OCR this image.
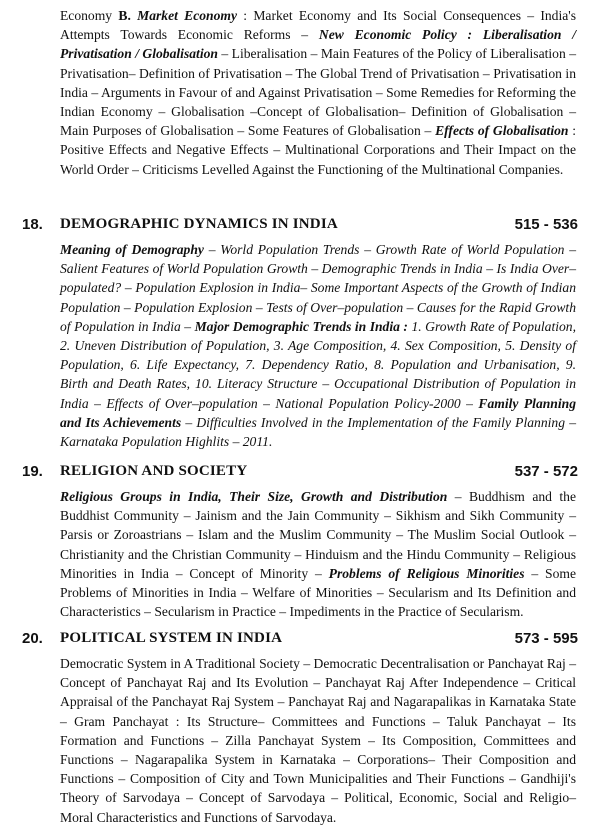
Economy B. Market Economy : Market Economy and Its Social Consequences – India's Attempts Towards Economic Reforms – New Economic Policy : Liberalisation / Privatisation / Globalisation – Liberalisation – Main Features of the Policy of Liberalisation – Privatisation– Definition of Privatisation – The Global Trend of Privatisation – Privatisation in India – Arguments in Favour of and Against Privatisation – Some Remedies for Reforming the Indian Economy – Globalisation –Concept of Globalisation– Definition of Globalisation – Main Purposes of Globalisation – Some Features of Globalisation – Effects of Globalisation : Positive Effects and Negative Effects – Multinational Corporations and Their Impact on the World Order – Criticisms Levelled Against the Functioning of the Multinational Companies.

18. DEMOGRAPHIC DYNAMICS IN INDIA	515 - 536

Meaning of Demography – World Population Trends – Growth Rate of World Population – Salient Features of World Population Growth – Demographic Trends in India – Is India Over–populated? – Population Explosion in India– Some Important Aspects of the Growth of Indian Population – Population Explosion – Tests of Over–population – Causes for the Rapid Growth of Population in India – Major Demographic Trends in India : 1. Growth Rate of Population, 2. Uneven Distribution of Population, 3. Age Composition, 4. Sex Composition, 5. Density of Population, 6. Life Expectancy, 7. Dependency Ratio, 8. Population and Urbanisation, 9. Birth and Death Rates, 10. Literacy Structure – Occupational Distribution of Population in India – Effects of Over–population – National Population Policy-2000 – Family Planning and Its Achievements – Difficulties Involved in the Implementation of the Family Planning – Karnataka Population Highlits – 2011.

19. RELIGION AND SOCIETY	537 - 572

Religious Groups in India, Their Size, Growth and Distribution – Buddhism and the Buddhist Community – Jainism and the Jain Community – Sikhism and Sikh Community – Parsis or Zoroastrians – Islam and the Muslim Community – The Muslim Social Outlook – Christianity and the Christian Community – Hinduism and the Hindu Community – Religious Minorities in India – Concept of Minority – Problems of Religious Minorities – Some Problems of Minorities in India – Welfare of Minorities – Secularism and Its Definition and Characteristics – Secularism in Practice – Impediments in the Practice of Secularism.

20. POLITICAL SYSTEM IN INDIA	573 - 595

Democratic System in A Traditional Society – Democratic Decentralisation or Panchayat Raj – Concept of Panchayat Raj and Its Evolution – Panchayat Raj After Independence – Critical Appraisal of the Panchayat Raj System – Panchayat Raj and Nagarapalikas in Karnataka State – Gram Panchayat : Its Structure– Committees and Functions – Taluk Panchayat – Its Formation and Functions – Zilla Panchayat System – Its Composition, Committees and Functions – Nagarapalika System in Karnataka – Corporations– Their Composition and Functions – Composition of City and Town Municipalities and Their Functions – Gandhiji's Theory of Sarvodaya – Concept of Sarvodaya – Political, Economic, Social and Religio–Moral Characteristics and Functions of Sarvodaya.
